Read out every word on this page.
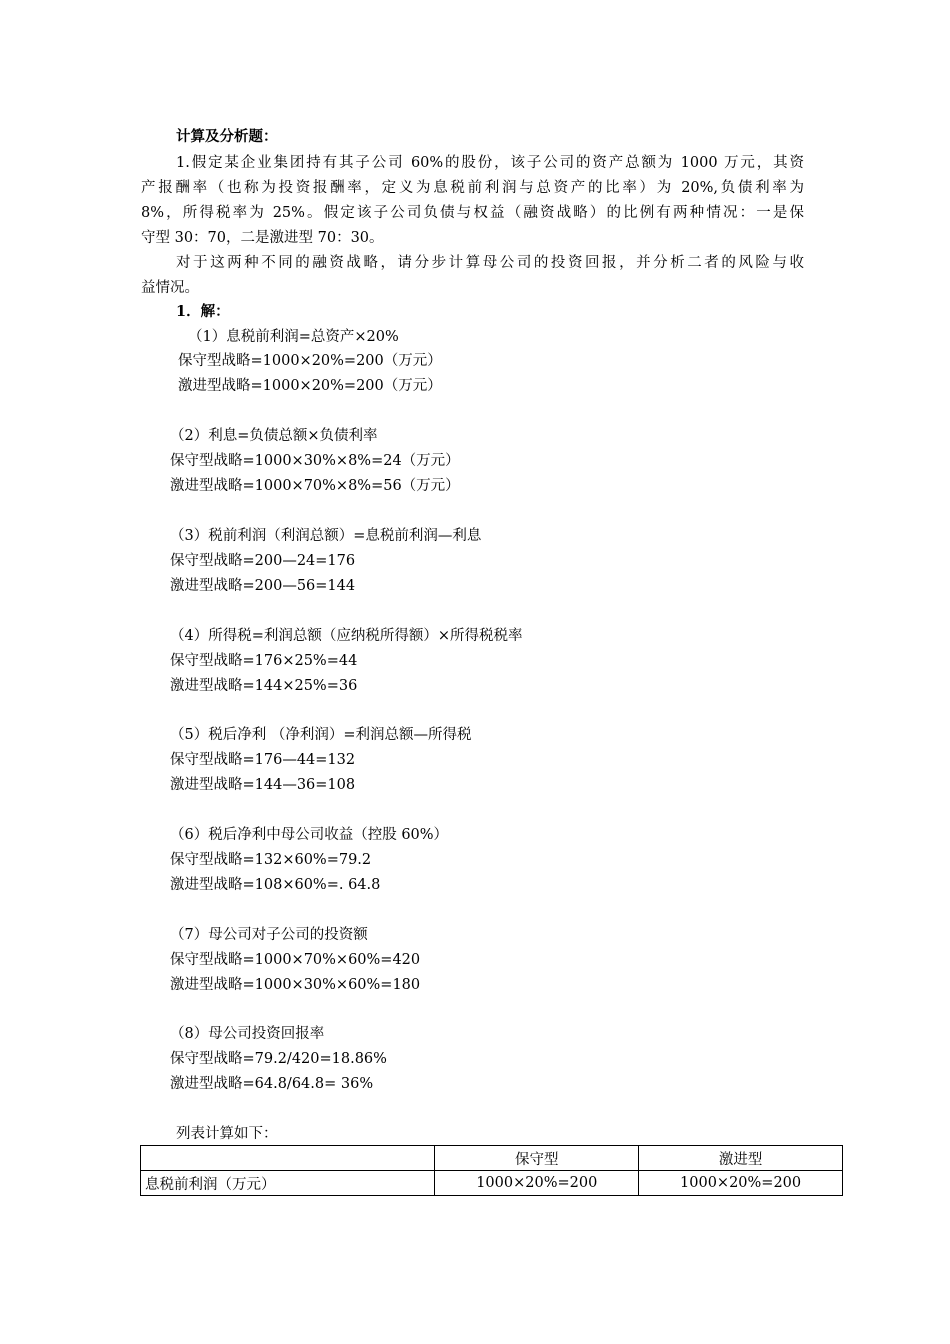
计算及分析题：
1.假定某企业集团持有其子公司 60%的股份，该子公司的资产总额为 1000 万元，其资
产报酬率（也称为投资报酬率，定义为息税前利润与总资产的比率）为 20%,负债利率为
8%，所得税率为 25%。假定该子公司负债与权益（融资战略）的比例有两种情况：一是保
守型 30：70，二是激进型 70：30。
对于这两种不同的融资战略，请分步计算母公司的投资回报，并分析二者的风险与收
益情况。
1．解：
（1）息税前利润=总资产×20%
保守型战略=1000×20%=200（万元）
激进型战略=1000×20%=200（万元）
（2）利息=负债总额×负债利率
保守型战略=1000×30%×8%=24（万元）
激进型战略=1000×70%×8%=56（万元）
（3）税前利润（利润总额）=息税前利润—利息
保守型战略=200—24=176
激进型战略=200—56=144
（4）所得税=利润总额（应纳税所得额）×所得税税率
保守型战略=176×25%=44
激进型战略=144×25%=36
（5）税后净利 （净利润）=利润总额—所得税
保守型战略=176—44=132
激进型战略=144—36=108
（6）税后净利中母公司收益（控股 60%）
保守型战略=132×60%=79.2
激进型战略=108×60%=. 64.8
（7）母公司对子公司的投资额
保守型战略=1000×70%×60%=420
激进型战略=1000×30%×60%=180
（8）母公司投资回报率
保守型战略=79.2/420=18.86%
激进型战略=64.8/64.8= 36%
列表计算如下：
	保守型	激进型
息税前利润（万元）	1000×20%=200	1000×20%=200
